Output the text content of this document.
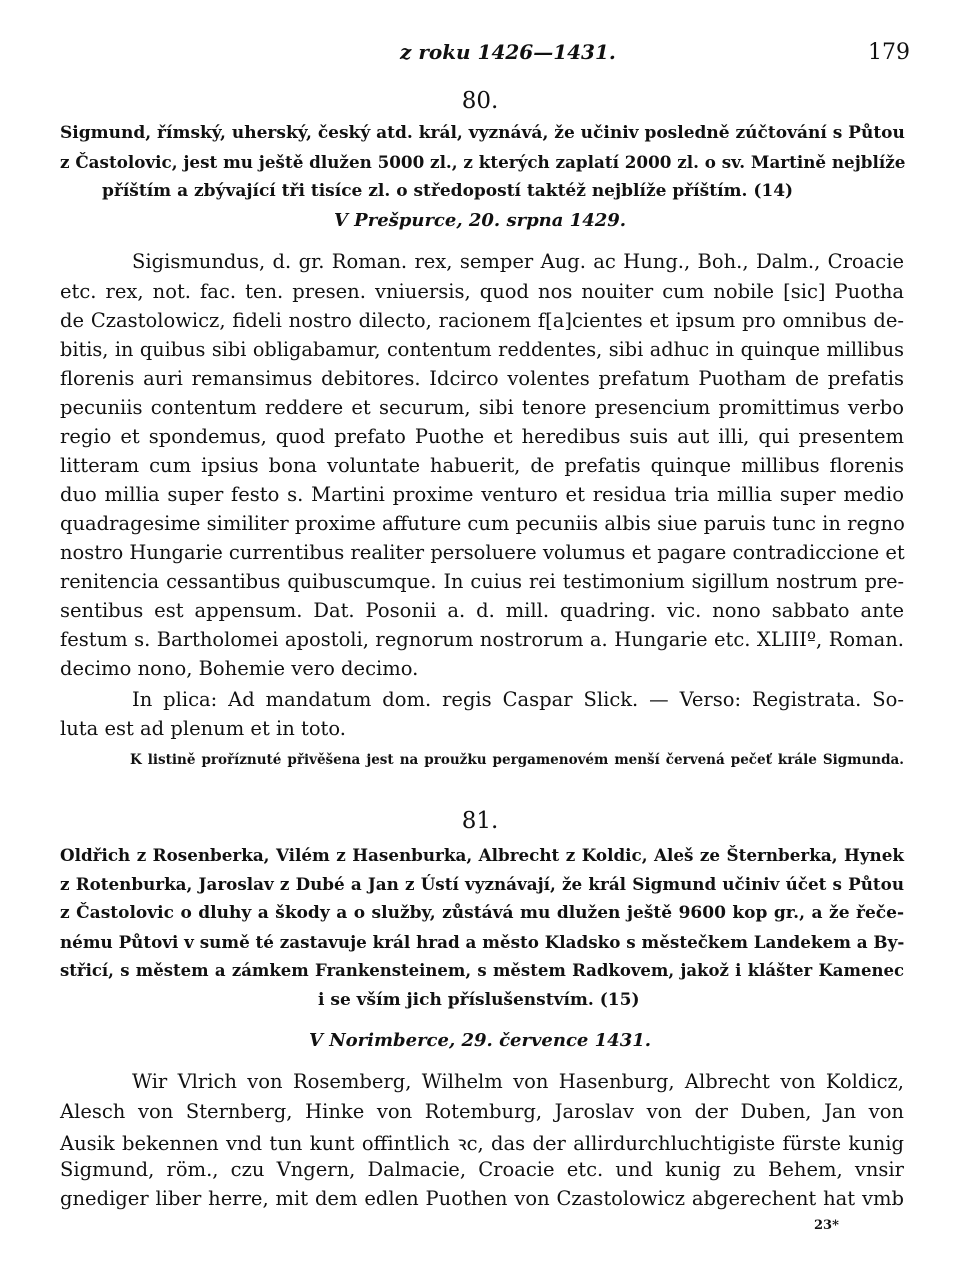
z roku 1426—1431.	179
80.
Sigmund, římský, uherský, český atd. král, vyznává, že učiniv posledně zúčtování s Půtou
z Častolovic, jest mu ještě dlužen 5000 zl., z kterých zaplatí 2000 zl. o sv. Martině nejblíže
příštím a zbývající tři tisíce zl. o středopostí taktéž nejblíže příštím. (14)
V Prešpurce, 20. srpna 1429.
Sigismundus, d. gr. Roman. rex, semper Aug. ac Hung., Boh., Dalm., Croacie
etc. rex, not. fac. ten. presen. vniuersis, quod nos nouiter cum nobile [sic] Puotha
de Czastolowicz, fideli nostro dilecto, racionem f[a]cientes et ipsum pro omnibus de-
bitis, in quibus sibi obligabamur, contentum reddentes, sibi adhuc in quinque millibus
florenis auri remansimus debitores. Idcirco volentes prefatum Puotham de prefatis
pecuniis contentum reddere et securum, sibi tenore presencium promittimus verbo
regio et spondemus, quod prefato Puothe et heredibus suis aut illi, qui presentem
litteram cum ipsius bona voluntate habuerit, de prefatis quinque millibus florenis
duo millia super festo s. Martini proxime venturo et residua tria millia super medio
quadragesime similiter proxime affuture cum pecuniis albis siue paruis tunc in regno
nostro Hungarie currentibus realiter persoluere volumus et pagare contradiccione et
renitencia cessantibus quibuscumque. In cuius rei testimonium sigillum nostrum pre-
sentibus est appensum. Dat. Posonii a. d. mill. quadring. vic. nono sabbato ante
festum s. Bartholomei apostoli, regnorum nostrorum a. Hungarie etc. XLIIIº, Roman.
decimo nono, Bohemie vero decimo.
In plica: Ad mandatum dom. regis Caspar Slick. — Verso: Registrata. So-
luta est ad plenum et in toto.
K listině proříznuté přivěšena jest na proužku pergamenovém menší červená pečeť krále Sigmunda.
81.
Oldřich z Rosenberka, Vilém z Hasenburka, Albrecht z Koldic, Aleš ze Šternberka, Hynek
z Rotenburka, Jaroslav z Dubé a Jan z Ústí vyznávají, že král Sigmund učiniv účet s Půtou
z Častolovic o dluhy a škody a o služby, zůstává mu dlužen ještě 9600 kop gr., a že řeče-
nému Půtovi v sumě té zastavuje král hrad a město Kladsko s městečkem Landekem a By-
střicí, s městem a zámkem Frankensteinem, s městem Radkovem, jakož i klášter Kamenec
i se vším jich příslušenstvím. (15)
V Norimberce, 29. července 1431.
Wir Vlrich von Rosemberg, Wilhelm von Hasenburg, Albrecht von Koldicz,
Alesch von Sternberg, Hinke von Rotemburg, Jaroslav von der Duben, Jan von
Ausik bekennen vnd tun kunt offintlich ꝛc, das der allirdurchluchtigiste fürste kunig
Sigmund, röm., czu Vngern, Dalmacie, Croacie etc. und kunig zu Behem, vnsir
gnediger liber herre, mit dem edlen Puothen von Czastolowicz abgerechent hat vmb
23*
